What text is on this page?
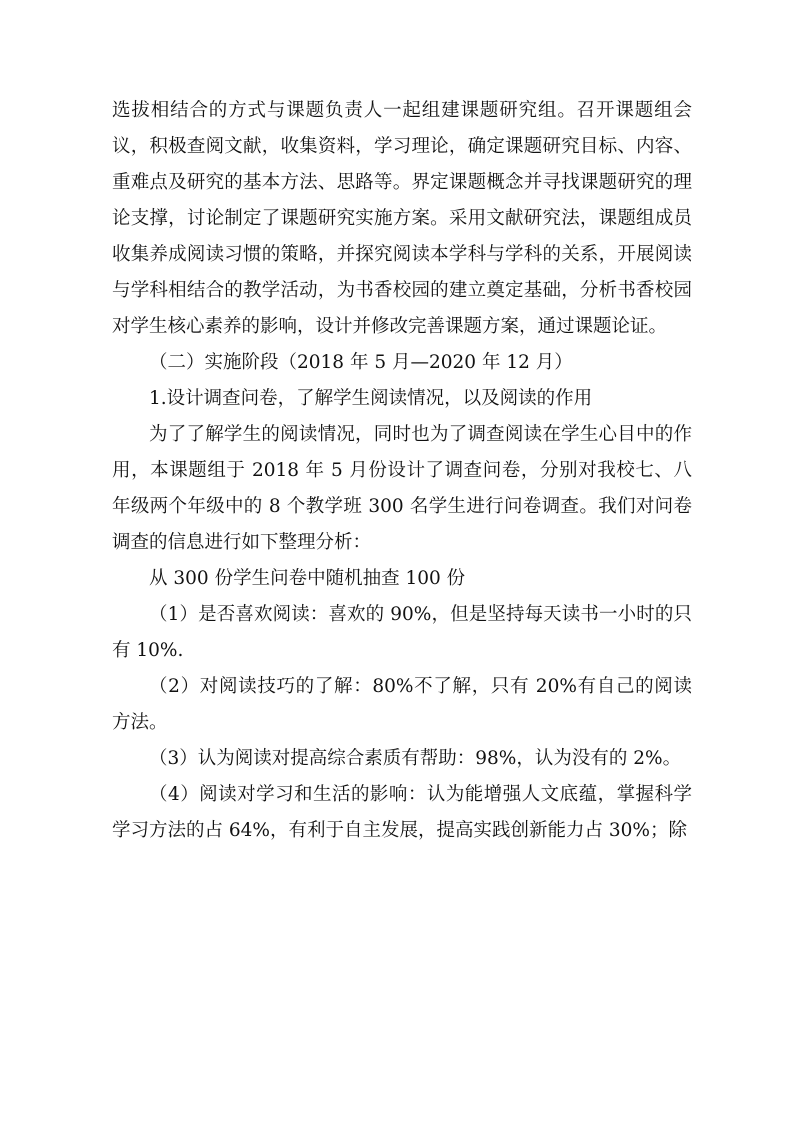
选拔相结合的方式与课题负责人一起组建课题研究组。召开课题组会议，积极查阅文献，收集资料，学习理论，确定课题研究目标、内容、重难点及研究的基本方法、思路等。界定课题概念并寻找课题研究的理论支撑，讨论制定了课题研究实施方案。采用文献研究法，课题组成员收集养成阅读习惯的策略，并探究阅读本学科与学科的关系，开展阅读与学科相结合的教学活动，为书香校园的建立奠定基础，分析书香校园对学生核心素养的影响，设计并修改完善课题方案，通过课题论证。

（二）实施阶段（2018 年 5 月—2020 年 12 月）

1.设计调查问卷，了解学生阅读情况，以及阅读的作用

为了了解学生的阅读情况，同时也为了调查阅读在学生心目中的作用，本课题组于 2018 年 5 月份设计了调查问卷，分别对我校七、八年级两个年级中的 8 个教学班 300 名学生进行问卷调查。我们对问卷调查的信息进行如下整理分析：

从 300 份学生问卷中随机抽查 100 份

（1）是否喜欢阅读：喜欢的 90%，但是坚持每天读书一小时的只有 10%.

（2）对阅读技巧的了解：80%不了解，只有 20%有自己的阅读方法。

（3）认为阅读对提高综合素质有帮助：98%，认为没有的 2%。

（4）阅读对学习和生活的影响：认为能增强人文底蕴，掌握科学学习方法的占 64%，有利于自主发展，提高实践创新能力占 30%；除
